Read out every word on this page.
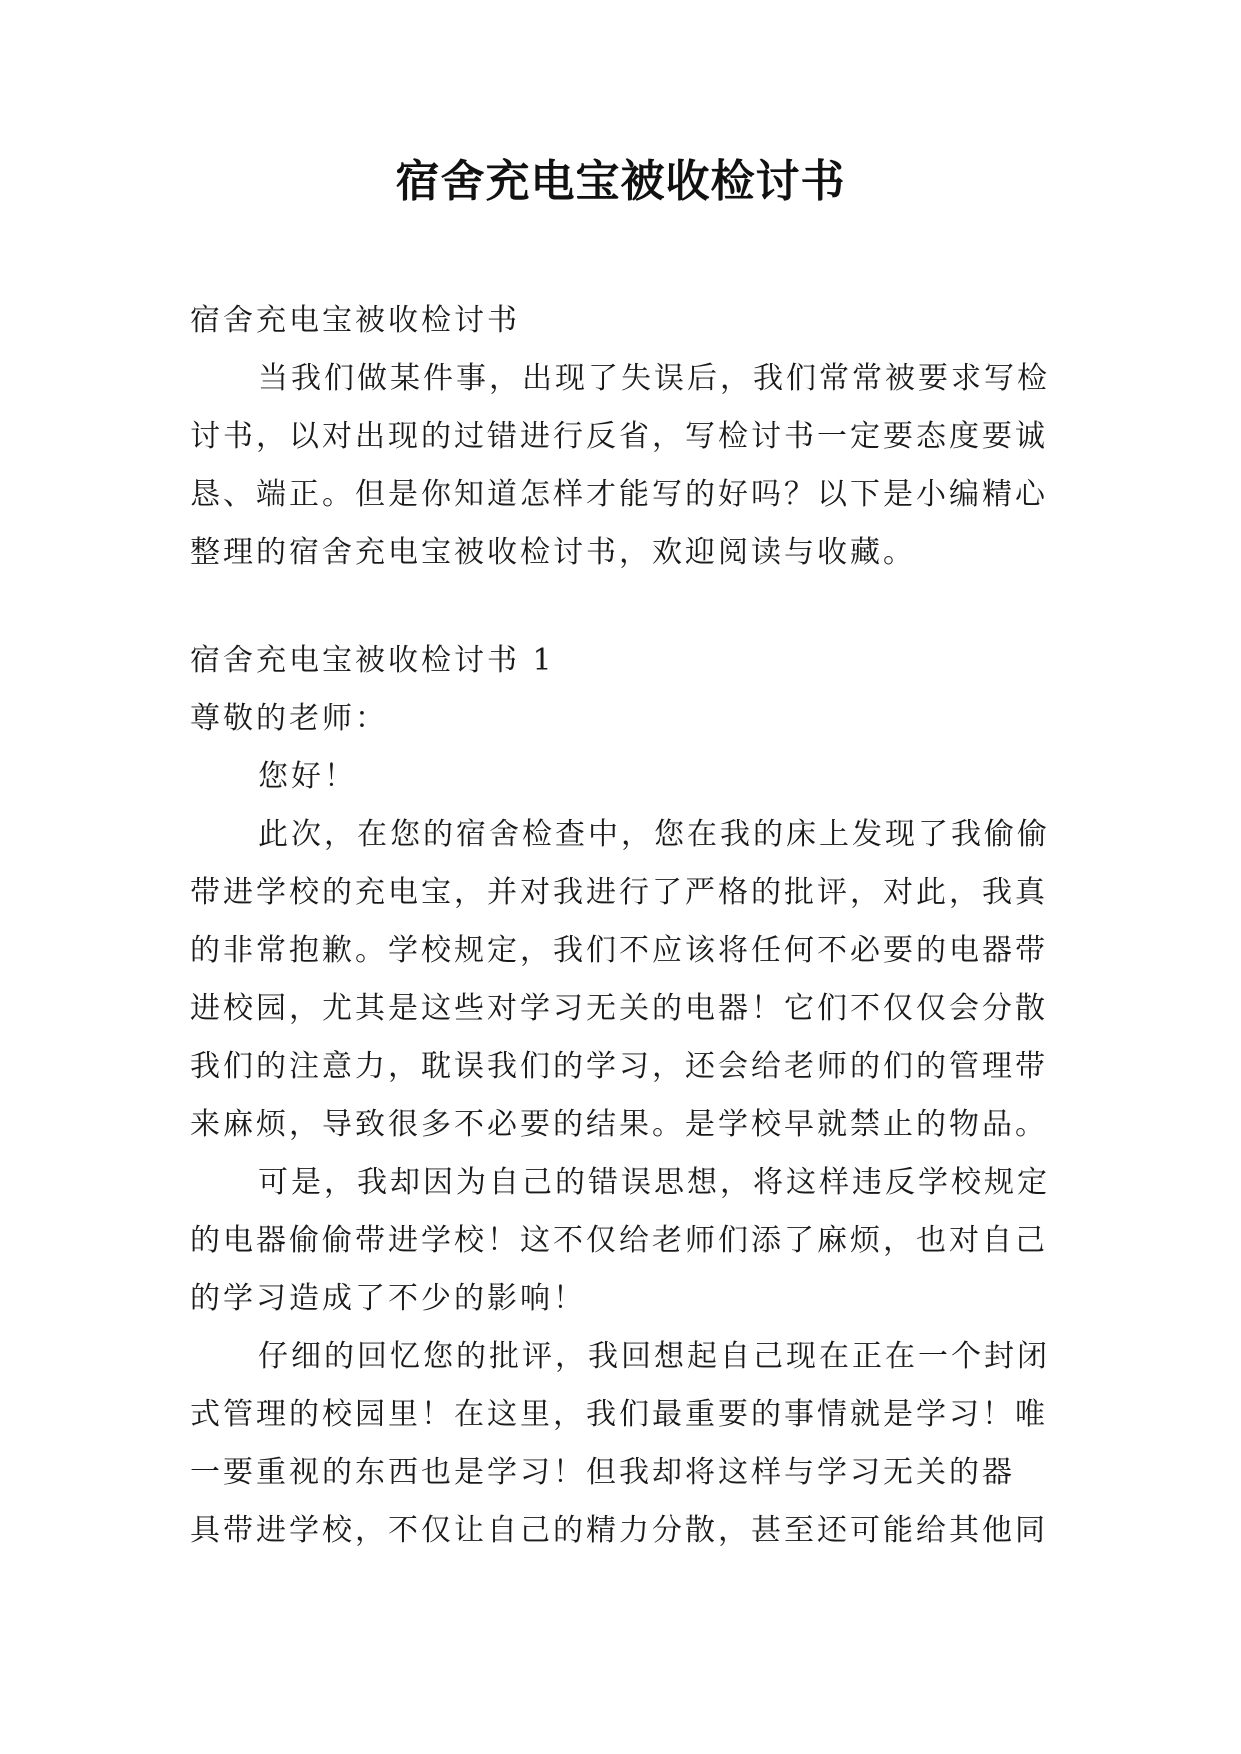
宿舍充电宝被收检讨书
宿舍充电宝被收检讨书
当我们做某件事，出现了失误后，我们常常被要求写检
讨书，以对出现的过错进行反省，写检讨书一定要态度要诚
恳、端正。但是你知道怎样才能写的好吗？以下是小编精心
整理的宿舍充电宝被收检讨书，欢迎阅读与收藏。
宿舍充电宝被收检讨书 1
尊敬的老师：
您好！
此次，在您的宿舍检查中，您在我的床上发现了我偷偷
带进学校的充电宝，并对我进行了严格的批评，对此，我真
的非常抱歉。学校规定，我们不应该将任何不必要的电器带
进校园，尤其是这些对学习无关的电器！它们不仅仅会分散
我们的注意力，耽误我们的学习，还会给老师的们的管理带
来麻烦，导致很多不必要的结果。是学校早就禁止的物品。
可是，我却因为自己的错误思想，将这样违反学校规定
的电器偷偷带进学校！这不仅给老师们添了麻烦，也对自己
的学习造成了不少的影响！
仔细的回忆您的批评，我回想起自己现在正在一个封闭
式管理的校园里！在这里，我们最重要的事情就是学习！唯
一要重视的东西也是学习！但我却将这样与学习无关的器
具带进学校，不仅让自己的精力分散，甚至还可能给其他同
